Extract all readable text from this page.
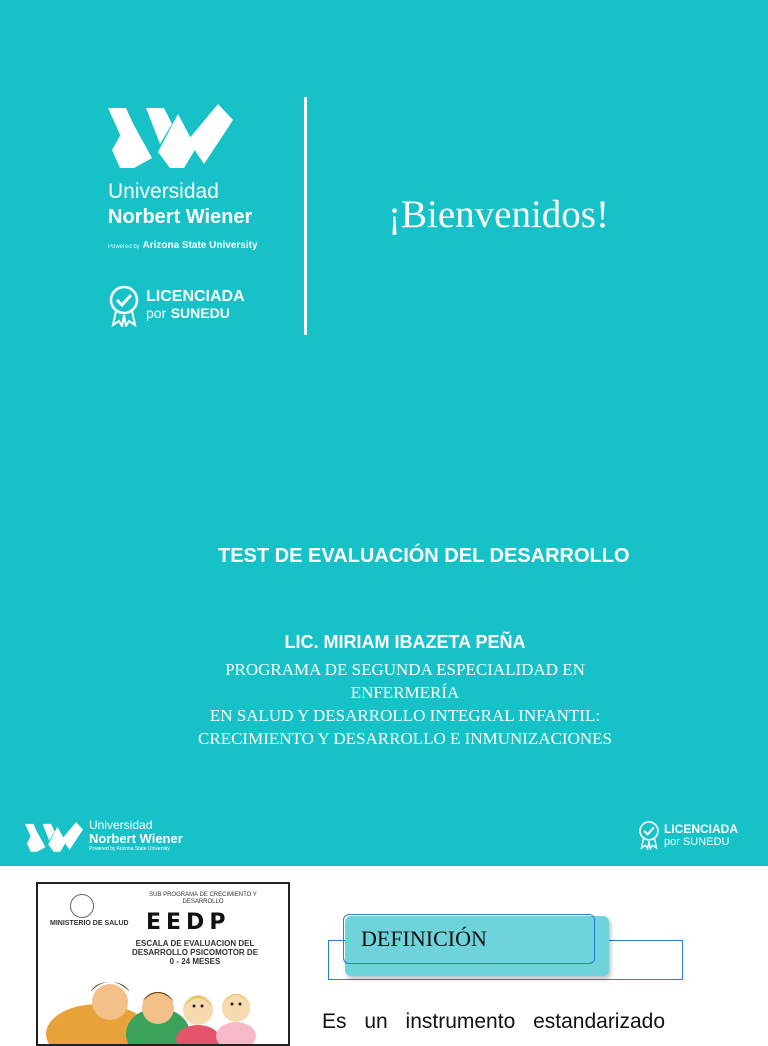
Universidad
Norbert Wiener
Powered by Arizona State University
LICENCIADA
por SUNEDU
¡Bienvenidos!
TEST DE EVALUACIÓN DEL DESARROLLO
LIC. MIRIAM IBAZETA PEÑA
PROGRAMA DE SEGUNDA ESPECIALIDAD EN
ENFERMERÍA
EN SALUD Y DESARROLLO INTEGRAL INFANTIL:
CRECIMIENTO Y DESARROLLO E INMUNIZACIONES
Universidad
Norbert Wiener
Powered by Arizona State University
LICENCIADA
por SUNEDU
MINISTERIO DE SALUD
SUB PROGRAMA DE CRECIMIENTO Y DESARROLLO
EEDP
ESCALA DE EVALUACION DEL DESARROLLO PSICOMOTOR DE 0 - 24 MESES
DEFINICIÓN
Es un instrumento estandarizado
